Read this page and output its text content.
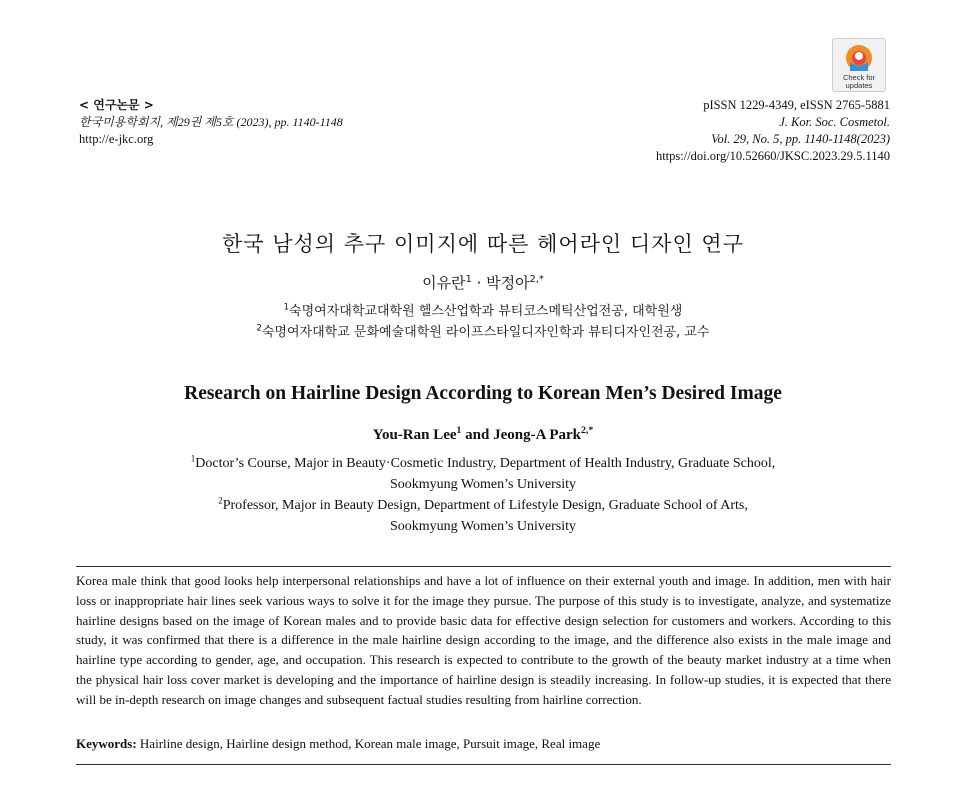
Check for
updates
< 연구논문 >
한국미용학회지, 제29권 제5호 (2023), pp. 1140-1148
http://e-jkc.org
pISSN 1229-4349, eISSN 2765-5881
J. Kor. Soc. Cosmetol.
Vol. 29, No. 5, pp. 1140-1148(2023)
https://doi.org/10.52660/JKSC.2023.29.5.1140
한국 남성의 추구 이미지에 따른 헤어라인 디자인 연구
이유란$^1$ · 박정아$^{2,*}$
$^1$숙명여자대학교대학원 헬스산업학과 뷰티코스메틱산업전공, 대학원생
$^2$숙명여자대학교 문화예술대학원 라이프스타일디자인학과 뷰티디자인전공, 교수
Research on Hairline Design According to Korean Men’s Desired Image
You-Ran Lee$^1$ and Jeong-A Park$^{2,*}$
$^1$Doctor’s Course, Major in Beauty·Cosmetic Industry, Department of Health Industry, Graduate School,
Sookmyung Women’s University
$^2$Professor, Major in Beauty Design, Department of Lifestyle Design, Graduate School of Arts,
Sookmyung Women’s University
Korea male think that good looks help interpersonal relationships and have a lot of influence on their external youth and image. In addition, men with hair loss or inappropriate hair lines seek various ways to solve it for the image they pursue. The purpose of this study is to investigate, analyze, and systematize hairline designs based on the image of Korean males and to provide basic data for effective design selection for customers and workers. According to this study, it was confirmed that there is a difference in the male hairline design according to the image, and the difference also exists in the male image and hairline type according to gender, age, and occupation. This research is expected to contribute to the growth of the beauty market industry at a time when the physical hair loss cover market is developing and the importance of hairline design is steadily increasing. In follow-up studies, it is expected that there will be in-depth research on image changes and subsequent factual studies resulting from hairline correction.
Keywords: Hairline design, Hairline design method, Korean male image, Pursuit image, Real image
